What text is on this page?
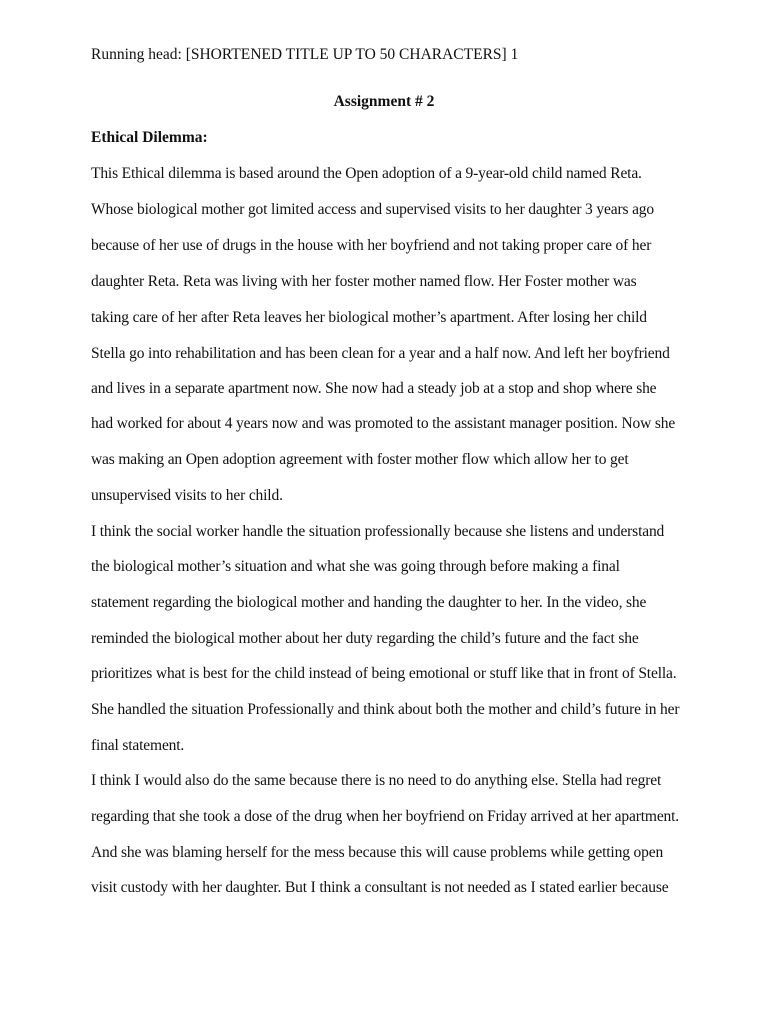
Running head: [SHORTENED TITLE UP TO 50 CHARACTERS] 1
Assignment # 2
Ethical Dilemma:
This Ethical dilemma is based around the Open adoption of a 9-year-old child named Reta.
Whose biological mother got limited access and supervised visits to her daughter 3 years ago
because of her use of drugs in the house with her boyfriend and not taking proper care of her
daughter Reta. Reta was living with her foster mother named flow. Her Foster mother was
taking care of her after Reta leaves her biological mother’s apartment. After losing her child
Stella go into rehabilitation and has been clean for a year and a half now. And left her boyfriend
and lives in a separate apartment now. She now had a steady job at a stop and shop where she
had worked for about 4 years now and was promoted to the assistant manager position. Now she
was making an Open adoption agreement with foster mother flow which allow her to get
unsupervised visits to her child.
I think the social worker handle the situation professionally because she listens and understand
the biological mother’s situation and what she was going through before making a final
statement regarding the biological mother and handing the daughter to her. In the video, she
reminded the biological mother about her duty regarding the child’s future and the fact she
prioritizes what is best for the child instead of being emotional or stuff like that in front of Stella.
She handled the situation Professionally and think about both the mother and child’s future in her
final statement.
I think I would also do the same because there is no need to do anything else. Stella had regret
regarding that she took a dose of the drug when her boyfriend on Friday arrived at her apartment.
And she was blaming herself for the mess because this will cause problems while getting open
visit custody with her daughter. But I think a consultant is not needed as I stated earlier because
